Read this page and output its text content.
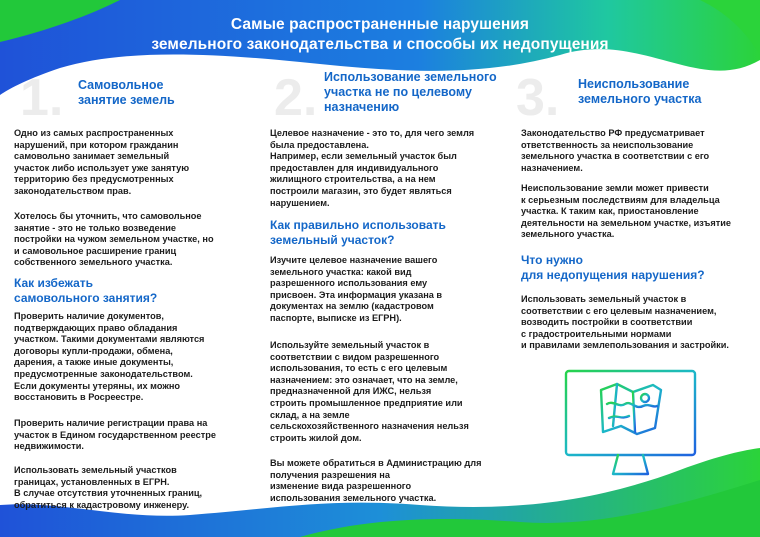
Самые распространенные нарушения
земельного законодательства и способы их недопущения
1.	2.	3.
Самовольное
занятие земель
Использование земельного
участка не по целевому
назначению
Неиспользование
земельного участка
Одно из самых распространенных
нарушений, при котором гражданин
самовольно занимает земельный
участок либо использует уже занятую
территорию без предусмотренных
законодательством прав.
Хотелось бы уточнить, что самовольное
занятие - это не только возведение
постройки на чужом земельном участке, но
и самовольное расширение границ
собственного земельного участка.
Как избежать
самовольного занятия?
Проверить наличие документов,
подтверждающих право обладания
участком. Такими документами являются
договоры купли-продажи, обмена,
дарения, а также иные документы,
предусмотренные законодательством.
Если документы утеряны, их можно
восстановить в Росреестре.
Проверить наличие регистрации права на
участок в Едином государственном реестре
недвижимости.
Использовать земельный участков
границах, установленных в ЕГРН.
В случае отсутствия уточненных границ,
обратиться к кадастровому инженеру.
Целевое назначение - это то, для чего земля
была предоставлена.
Например, если земельный участок был
предоставлен для индивидуального
жилищного строительства, а на нем
построили магазин, это будет являться
нарушением.
Как правильно использовать
земельный участок?
Изучите целевое назначение вашего
земельного участка: какой вид
разрешенного использования ему
присвоен. Эта информация указана в
документах на землю (кадастровом
паспорте, выписке из ЕГРН).
Используйте земельный участок в
соответствии с видом разрешенного
использования, то есть с его целевым
назначением: это означает, что на земле,
предназначенной для ИЖС, нельзя
строить промышленное предприятие или
склад, а на земле
сельскохозяйственного назначения нельзя
строить жилой дом.
Вы можете обратиться в Администрацию для
получения разрешения на
изменение вида разрешенного
использования земельного участка.
Законодательство РФ предусматривает
ответственность за неиспользование
земельного участка в соответствии с его
назначением.
Неиспользование земли может привести
к серьезным последствиям для владельца
участка. К таким как, приостановление
деятельности на земельном участке, изъятие
земельного участка.
Что нужно
для недопущения нарушения?
Использовать земельный участок в
соответствии с его целевым назначением,
возводить постройки в соответствии
с градостроительными нормами
и правилами землепользования и застройки.
